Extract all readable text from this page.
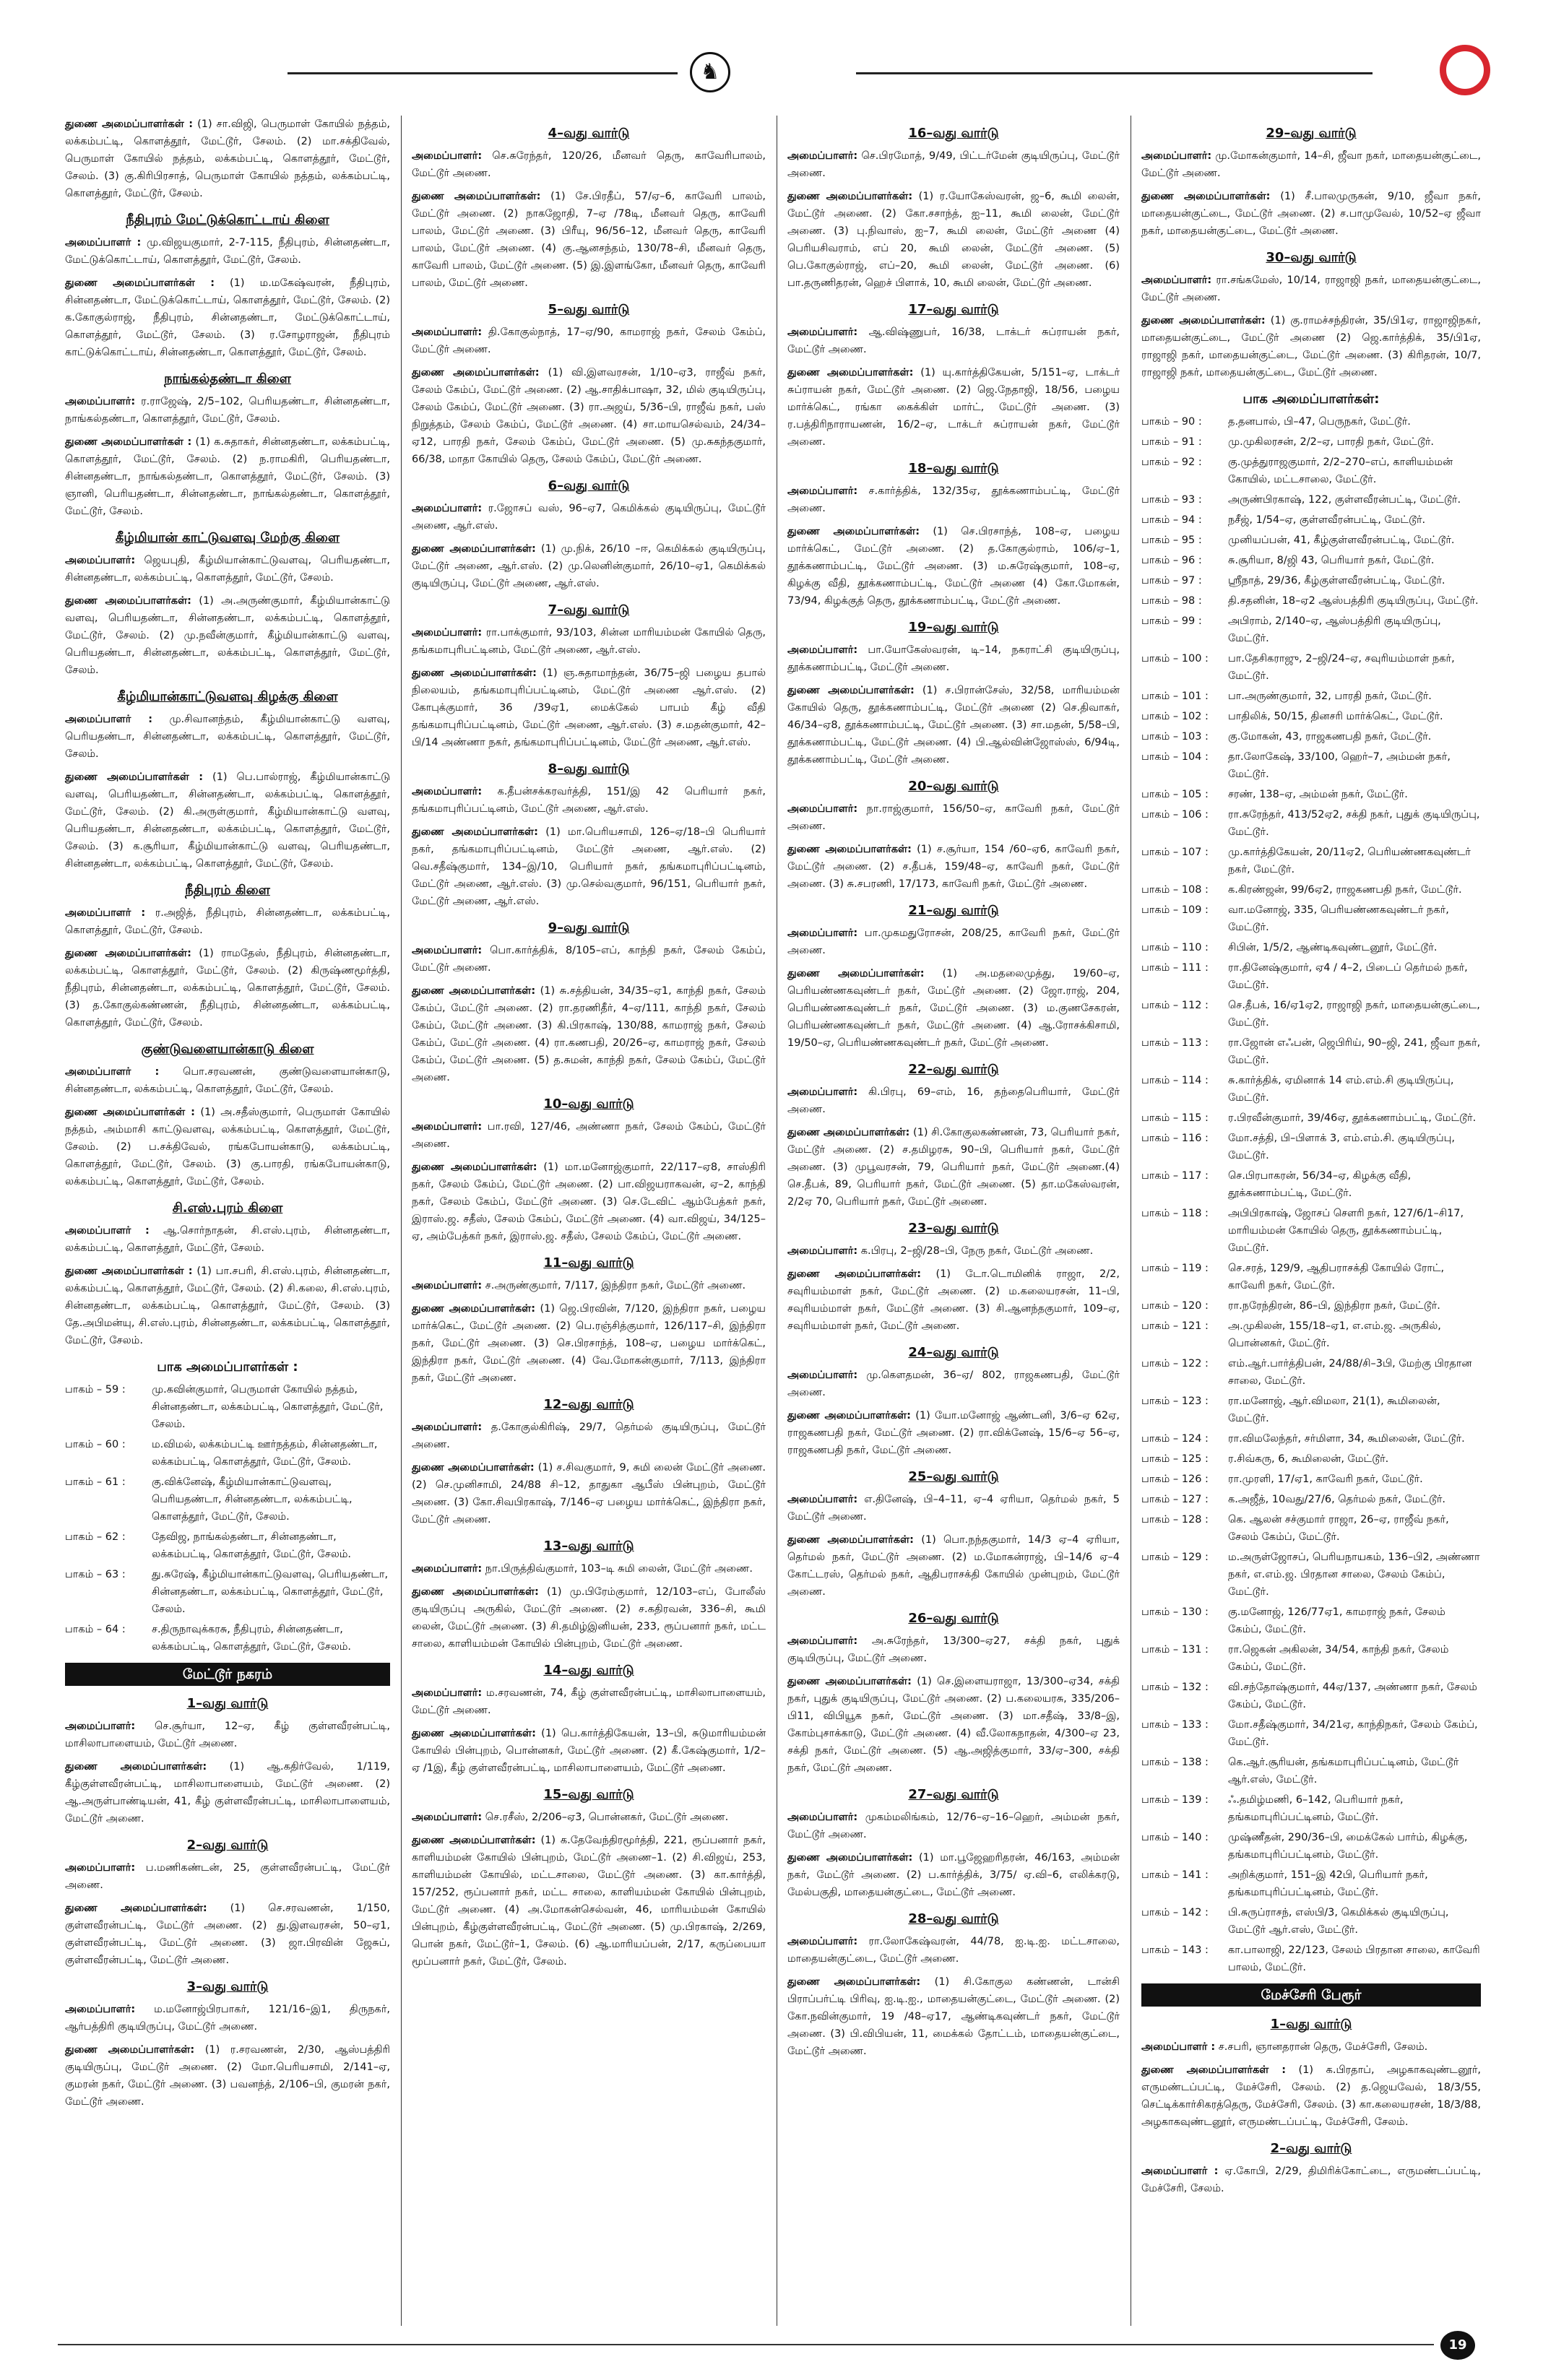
♞

துணை அமைப்பாளர்கள் : (1) சா.விஜி, பெருமாள் கோயில் நத்தம், லக்கம்பட்டி, கொளத்தூர், மேட்டூர், சேலம். (2) மா.சக்திவேல், பெருமாள் கோயில் நத்தம், லக்கம்பட்டி, கொளத்தூர், மேட்டூர், சேலம். (3) கு.கிரிபிரசாத், பெருமாள் கோயில் நத்தம், லக்கம்பட்டி, கொளத்தூர், மேட்டூர், சேலம்.

நீதிபுரம் மேட்டுக்கொட்டாய் கிளை

அமைப்பாளர் : மு.விஜயகுமார், 2-7-115, நீதிபுரம், சின்னதண்டா, மேட்டுக்கொட்டாய், கொளத்தூர், மேட்டூர், சேலம்.

துணை அமைப்பாளர்கள் : (1) ம.மகேஷ்வரன், நீதிபுரம், சின்னதண்டா, மேட்டுக்கொட்டாய், கொளத்தூர், மேட்டூர், சேலம். (2) க.கோகுல்ராஜ், நீதிபுரம், சின்னதண்டா, மேட்டுக்கொட்டாய், கொளத்தூர், மேட்டூர், சேலம். (3) ர.சோழராஜன், நீதிபுரம் காட்டுக்கொட்டாய், சின்னதண்டா, கொளத்தூர், மேட்டூர், சேலம்.

நாங்கல்தண்டா கிளை

அமைப்பாளர்: ர.ராஜேஷ், 2/5–102, பெரியதண்டா, சின்னதண்டா, நாங்கல்தண்டா, கொளத்தூர், மேட்டூர், சேலம்.

துணை அமைப்பாளர்கள் : (1) க.சுதாகர், சின்னதண்டா, லக்கம்பட்டி, கொளத்தூர், மேட்டூர், சேலம். (2) ந.ராமகிரி, பெரியதண்டா, சின்னதண்டா, நாங்கல்தண்டா, கொளத்தூர், மேட்டூர், சேலம். (3) ஞானி, பெரியதண்டா, சின்னதண்டா, நாங்கல்தண்டா, கொளத்தூர், மேட்டூர், சேலம்.

கீழ்மியான் காட்டுவளவு மேற்கு கிளை

அமைப்பாளர்: ஜெயபுதி, கீழ்மியான்காட்டுவளவு, பெரியதண்டா, சின்னதண்டா, லக்கம்பட்டி, கொளத்தூர், மேட்டூர், சேலம்.

துணை அமைப்பாளர்கள்: (1) அ.அருண்குமார், கீழ்மியான்காட்டு வளவு, பெரியதண்டா, சின்னதண்டா, லக்கம்பட்டி, கொளத்தூர், மேட்டூர், சேலம். (2) மு.நவீன்குமார், கீழ்மியான்காட்டு வளவு, பெரியதண்டா, சின்னதண்டா, லக்கம்பட்டி, கொளத்தூர், மேட்டூர், சேலம்.

கீழ்மியான்காட்டுவளவு கிழக்கு கிளை

அமைப்பாளர் : மு.சிவானந்தம், கீழ்மியான்காட்டு வளவு, பெரியதண்டா, சின்னதண்டா, லக்கம்பட்டி, கொளத்தூர், மேட்டூர், சேலம்.

துணை அமைப்பாளர்கள் : (1) பெ.பால்ராஜ், கீழ்மியான்காட்டு வளவு, பெரியதண்டா, சின்னதண்டா, லக்கம்பட்டி, கொளத்தூர், மேட்டூர், சேலம். (2) கி.அருள்குமார், கீழ்மியான்காட்டு வளவு, பெரியதண்டா, சின்னதண்டா, லக்கம்பட்டி, கொளத்தூர், மேட்டூர், சேலம். (3) க.சூரியா, கீழ்மியான்காட்டு வளவு, பெரியதண்டா, சின்னதண்டா, லக்கம்பட்டி, கொளத்தூர், மேட்டூர், சேலம்.

நீதிபுரம் கிளை

அமைப்பாளர் : ர.அஜித், நீதிபுரம், சின்னதண்டா, லக்கம்பட்டி, கொளத்தூர், மேட்டூர், சேலம்.

துணை அமைப்பாளர்கள்: (1) ராமதேஸ், நீதிபுரம், சின்னதண்டா, லக்கம்பட்டி, கொளத்தூர், மேட்டூர், சேலம். (2) கிருஷ்ணமூர்த்தி, நீதிபுரம், சின்னதண்டா, லக்கம்பட்டி, கொளத்தூர், மேட்டூர், சேலம். (3) த.கோகுல்கண்ணன், நீதிபுரம், சின்னதண்டா, லக்கம்பட்டி, கொளத்தூர், மேட்டூர், சேலம்.

குண்டுவளையான்காடு கிளை

அமைப்பாளர் : பொ.சரவணன், குண்டுவளையான்காடு, சின்னதண்டா, லக்கம்பட்டி, கொளத்தூர், மேட்டூர், சேலம்.

துணை அமைப்பாளர்கள் : (1) அ.சதீஸ்குமார், பெருமாள் கோயில் நத்தம், அம்மாசி காட்டுவளவு, லக்கம்பட்டி, கொளத்தூர், மேட்டூர், சேலம். (2) ப.சக்திவேல், ரங்கபோயன்காடு, லக்கம்பட்டி, கொளத்தூர், மேட்டூர், சேலம். (3) கு.பாரதி, ரங்கபோயன்காடு, லக்கம்பட்டி, கொளத்தூர், மேட்டூர், சேலம்.

சி.எஸ்.புரம் கிளை

அமைப்பாளர் : ஆ.சொர்நாதன், சி.எஸ்.புரம், சின்னதண்டா, லக்கம்பட்டி, கொளத்தூர், மேட்டூர், சேலம்.

துணை அமைப்பாளர்கள் : (1) பா.சபரி, சி.எஸ்.புரம், சின்னதண்டா, லக்கம்பட்டி, கொளத்தூர், மேட்டூர், சேலம். (2) சி.கலை, சி.எஸ்.புரம், சின்னதண்டா, லக்கம்பட்டி, கொளத்தூர், மேட்டூர், சேலம். (3) தே.அபிமன்யு, சி.எஸ்.புரம், சின்னதண்டா, லக்கம்பட்டி, கொளத்தூர், மேட்டூர், சேலம்.

பாக அமைப்பாளர்கள் :
பாகம் – 59 :	மு.கவின்குமார், பெருமாள் கோயில் நத்தம், சின்னதண்டா, லக்கம்பட்டி, கொளத்தூர், மேட்டூர், சேலம்.
பாகம் – 60 :	ம.விமல், லக்கம்பட்டி ஊர்நத்தம், சின்னதண்டா, லக்கம்பட்டி, கொளத்தூர், மேட்டூர், சேலம்.
பாகம் – 61 :	கு.விக்னேஷ், கீழ்மியான்காட்டுவளவு, பெரியதண்டா, சின்னதண்டா, லக்கம்பட்டி, கொளத்தூர், மேட்டூர், சேலம்.
பாகம் – 62 :	தேவிஜ, நாங்கல்தண்டா, சின்னதண்டா, லக்கம்பட்டி, கொளத்தூர், மேட்டூர், சேலம்.
பாகம் – 63 :	து.சுரேஷ், கீழ்மியான்காட்டுவளவு, பெரியதண்டா, சின்னதண்டா, லக்கம்பட்டி, கொளத்தூர், மேட்டூர், சேலம்.
பாகம் – 64 :	ச.திருநாவுக்கரசு, நீதிபுரம், சின்னதண்டா, லக்கம்பட்டி, கொளத்தூர், மேட்டூர், சேலம்.
மேட்டூர் நகரம்
1–வது வார்டு

அமைப்பாளர்: செ.சூர்யா, 12–ஏ, கீழ் குள்ளவீரன்பட்டி, மாசிலாபாளையம், மேட்டூர் அணை.

துணை அமைப்பாளர்கள்: (1) ஆ.கதிர்வேல், 1/119, கீழ்குள்ளவீரன்பட்டி, மாசிலாபாளையம், மேட்டூர் அணை. (2) ஆ.அருள்பாண்டியன், 41, கீழ் குள்ளவீரன்பட்டி, மாசிலாபாளையம், மேட்டூர் அணை.

2–வது வார்டு

அமைப்பாளர்: ப.மணிகண்டன், 25, குள்ளவீரன்பட்டி, மேட்டூர் அணை.

துணை அமைப்பாளர்கள்: (1) செ.சரவணன், 1/150, குள்ளவீரன்பட்டி, மேட்டூர் அணை. (2) து.இளவரசன், 50–ஏ1, குள்ளவீரன்பட்டி, மேட்டூர் அணை. (3) ஜா.பிரவின் ஜேசுப், குள்ளவீரன்பட்டி, மேட்டூர் அணை.

3–வது வார்டு

அமைப்பாளர்: ம.மனோஜ்பிரபாகர், 121/16–இ1, திருநகர், ஆர்பத்திரி குடியிருப்பு, மேட்டூர் அணை.

துணை அமைப்பாளர்கள்: (1) ர.சரவணன், 2/30, ஆஸ்பத்திரி குடியிருப்பு, மேட்டூர் அணை. (2) மோ.பெரியசாமி, 2/141–ஏ, குமரன் நகர், மேட்டூர் அணை. (3) பவனந்த், 2/106–பி, குமரன் நகர், மேட்டூர் அணை.

4–வது வார்டு

அமைப்பாளர்: செ.சுரேந்தர், 120/26, மீனவர் தெரு, காவேரிபாலம், மேட்டூர் அணை.

துணை அமைப்பாளர்கள்: (1) சே.பிரதீப், 57/ஏ–6, காவேரி பாலம், மேட்டூர் அணை. (2) நாகஜோதி, 7–ஏ /78டி, மீனவர் தெரு, காவேரி பாலம், மேட்டூர் அணை. (3) பிரீயு, 96/56–12, மீனவர் தெரு, காவேரி பாலம், மேட்டூர் அணை. (4) கு.ஆனசந்தம், 130/78–சி, மீனவர் தெரு, காவேரி பாலம், மேட்டூர் அணை. (5) இ.இளங்கோ, மீனவர் தெரு, காவேரி பாலம், மேட்டூர் அணை.

5–வது வார்டு

அமைப்பாளர்: தி.கோகுல்நாத், 17–ஏ/90, காமராஜ் நகர், சேலம் கேம்ப், மேட்டூர் அணை.

துணை அமைப்பாளர்கள்: (1) வி.இளவரசன், 1/10–ஏ3, ராஜீவ் நகர், சேலம் கேம்ப், மேட்டூர் அணை. (2) ஆ.சாதிக்பாஷா, 32, மில் குடியிருப்பு, சேலம் கேம்ப், மேட்டூர் அணை. (3) ரா.அஜய், 5/36–பி, ராஜீவ் நகர், பஸ் நிறுத்தம், சேலம் கேம்ப், மேட்டூர் அணை. (4) சா.மாயசெல்வம், 24/34–ஏ12, பாரதி நகர், சேலம் கேம்ப், மேட்டூர் அணை. (5) மு.சுகந்தகுமார், 66/38, மாதா கோயில் தெரு, சேலம் கேம்ப், மேட்டூர் அணை.

6–வது வார்டு

அமைப்பாளர்: ர.ஜோசப் வஸ், 96–ஏ7, கெமிக்கல் குடியிருப்பு, மேட்டூர் அணை, ஆர்.எஸ்.

துணை அமைப்பாளர்கள்: (1) மு.நிக், 26/10 –ஈ, கெமிக்கல் குடியிருப்பு, மேட்டூர் அணை, ஆர்.எஸ். (2) மு.லெனின்குமார், 26/10–ஏ1, கெமிக்கல் குடியிருப்பு, மேட்டூர் அணை, ஆர்.எஸ்.

7–வது வார்டு

அமைப்பாளர்: ரா.பாக்குமார், 93/103, சின்ன மாரியம்மன் கோயில் தெரு, தங்கமாபுரிபட்டினம், மேட்டூர் அணை, ஆர்.எஸ்.

துணை அமைப்பாளர்கள்: (1) ஞ.சுதாமாந்தன், 36/75–ஜி பழைய தபால் நிலையம், தங்கமாபுரிப்பட்டினம், மேட்டூர் அணை ஆர்.எஸ். (2) கோபுக்குமார், 36 /39ஏ1, மைக்கேல் பாபம் கீழ் வீதி தங்கமாபுரிப்பட்டினம், மேட்டூர் அணை, ஆர்.எஸ். (3) ச.மதன்குமார், 42–பி/14 அண்ணா நகர், தங்கமாபுரிப்பட்டினம், மேட்டூர் அணை, ஆர்.எஸ்.

8–வது வார்டு

அமைப்பாளர்: க.தீபன்சக்கரவர்த்தி, 151/இ 42 பெரியார் நகர், தங்கமாபுரிப்பட்டினம், மேட்டூர் அணை, ஆர்.எஸ்.

துணை அமைப்பாளர்கள்: (1) மா.பெரியசாமி, 126–ஏ/18–பி பெரியார் நகர், தங்கமாபுரிப்பட்டினம், மேட்டூர் அணை, ஆர்.எஸ். (2) வெ.சதீஷ்குமார், 134–இ/10, பெரியார் நகர், தங்கமாபுரிப்பட்டினம், மேட்டூர் அணை, ஆர்.எஸ். (3) மு.செல்வகுமார், 96/151, பெரியார் நகர், மேட்டூர் அணை, ஆர்.எஸ்.

9–வது வார்டு

அமைப்பாளர்: பொ.கார்த்திக், 8/105–எப், காந்தி நகர், சேலம் கேம்ப், மேட்டூர் அணை.

துணை அமைப்பாளர்கள்: (1) சு.சத்தியன், 34/35–ஏ1, காந்தி நகர், சேலம் கேம்ப், மேட்டூர் அணை. (2) ரா.தரணிதீர், 4–ஏ/111, காந்தி நகர், சேலம் கேம்ப், மேட்டூர் அணை. (3) கி.பிரகாஷ், 130/88, காமராஜ் நகர், சேலம் கேம்ப், மேட்டூர் அணை. (4) ரா.கணபதி, 20/26–ஏ, காமராஜ் நகர், சேலம் கேம்ப், மேட்டூர் அணை. (5) த.சுமன், காந்தி நகர், சேலம் கேம்ப், மேட்டூர் அணை.

10–வது வார்டு

அமைப்பாளர்: பா.ரவி, 127/46, அண்ணா நகர், சேலம் கேம்ப், மேட்டூர் அணை.

துணை அமைப்பாளர்கள்: (1) மா.மனோஜ்குமார், 22/117–ஏ8, சாஸ்திரி நகர், சேலம் கேம்ப், மேட்டூர் அணை. (2) பா.விஜயராகவன், ஏ–2, காந்தி நகர், சேலம் கேம்ப், மேட்டூர் அணை. (3) செ.டேவிட் ஆம்பேத்கர் நகர், இராஸ்.ஜ. சதீஸ், சேலம் கேம்ப், மேட்டூர் அணை. (4) வா.விஜய், 34/125–ஏ, அம்பேத்கர் நகர், இராஸ்.ஜ. சதீஸ், சேலம் கேம்ப், மேட்டூர் அணை.

11–வது வார்டு

அமைப்பாளர்: ச.அருண்குமார், 7/117, இந்திரா நகர், மேட்டூர் அணை.

துணை அமைப்பாளர்கள்: (1) ஜெ.பிரவின், 7/120, இந்திரா நகர், பழைய மார்க்கெட், மேட்டூர் அணை. (2) பெ.ரஞ்சித்குமார், 126/117–சி, இந்திரா நகர், மேட்டூர் அணை. (3) செ.பிரசாந்த், 108–ஏ, பழைய மார்க்கெட், இந்திரா நகர், மேட்டூர் அணை. (4) வே.மோகன்குமார், 7/113, இந்திரா நகர், மேட்டூர் அணை.

12–வது வார்டு

அமைப்பாளர்: த.கோகுல்கிரிஷ், 29/7, தெர்மல் குடியிருப்பு, மேட்டூர் அணை.

துணை அமைப்பாளர்கள்: (1) ச.சிவகுமார், 9, சுமி லைன் மேட்டூர் அணை. (2) செ.முனிசாமி, 24/88 சி–12, தாதுகா ஆபீஸ் பின்புறம், மேட்டூர் அணை. (3) கோ.சிவபிரகாஷ், 7/146–ஏ பழைய மார்க்கெட், இந்திரா நகர், மேட்டூர் அணை.

13–வது வார்டு

அமைப்பாளர்: நா.பிருத்திவ்குமார், 103–டி சுமி லைன், மேட்டூர் அணை.

துணை அமைப்பாளர்கள்: (1) மு.பிரேம்குமார், 12/103–எப், போலீஸ் குடியிருப்பு அருகில், மேட்டூர் அணை. (2) ச.கதிரவன், 336–சி, கூமி லைன், மேட்டூர் அணை. (3) சி.தமிழ்இனியன், 233, ரூப்பனார் நகர், மட்ட சாலை, காளியம்மன் கோயில் பின்புறம், மேட்டூர் அணை.

14–வது வார்டு

அமைப்பாளர்: ம.சரவணன், 74, கீழ் குள்ளவீரன்பட்டி, மாசிலாபாளையம், மேட்டூர் அணை.

துணை அமைப்பாளர்கள்: (1) பெ.கார்த்திகேயன், 13–பி, சுடுமாரியம்மன் கோயில் பின்புறம், பொன்னகர், மேட்டூர் அணை. (2) கீ.கேஷ்குமார், 1/2–ஏ /1இ, கீழ் குள்ளவீரன்பட்டி, மாசிலாபாளையம், மேட்டூர் அணை.

15–வது வார்டு

அமைப்பாளர்: செ.ரசீஸ், 2/206–ஏ3, பொன்னகர், மேட்டூர் அணை.

துணை அமைப்பாளர்கள்: (1) க.தேவேந்திரமூர்த்தி, 221, ரூப்பனார் நகர், காளியம்மன் கோயில் பின்புறம், மேட்டூர் அணை–1. (2) சி.விஜய், 253, காளியம்மன் கோயில், மட்டசாலை, மேட்டூர் அணை. (3) கா.கார்த்தி, 157/252, ரூப்பனார் நகர், மட்ட சாலை, காளியம்மன் கோயில் பின்புறம், மேட்டூர் அணை. (4) அ.மோகன்செல்வன், 46, மாரியம்மன் கோயில் பின்புறம், கீழ்குள்ளவீரன்பட்டி, மேட்டூர் அணை. (5) மு.பிரகாஷ், 2/269, பொன் நகர், மேட்டூர்–1, சேலம். (6) ஆ.மாரியப்பன், 2/17, கருப்பையா மூப்பனார் நகர், மேட்டூர், சேலம்.

16–வது வார்டு

அமைப்பாளர்: செ.பிரமோத், 9/49, பிட்டர்மேன் குடியிருப்பு, மேட்டூர் அணை.

துணை அமைப்பாளர்கள்: (1) ர.யோகேஸ்வரன், ஜ–6, கூமி லைன், மேட்டூர் அணை. (2) கோ.சசாந்த், ஐ–11, கூமி லைன், மேட்டூர் அணை. (3) பு.நிவாஸ், ஐ–7, கூமி லைன், மேட்டூர் அணை (4) பெரியசிவராம், எப் 20, கூமி லைன், மேட்டூர் அணை. (5) பெ.கோகுல்ராஜ், எப்–20, கூமி லைன், மேட்டூர் அணை. (6) பா.தருணிதரன், ஹெச் பிளாக், 10, கூமி லைன், மேட்டூர் அணை.

17–வது வார்டு

அமைப்பாளர்: ஆ.விஷ்ணுபர், 16/38, டாக்டர் சுப்ராயன் நகர், மேட்டூர் அணை.

துணை அமைப்பாளர்கள்: (1) யு.கார்த்திகேயன், 5/151–ஏ, டாக்டர் சுப்ராயன் நகர், மேட்டூர் அணை. (2) ஜெ.நேதாஜி, 18/56, பழைய மார்க்கெட், ரங்கா கைக்கிள் மார்ட், மேட்டூர் அணை. (3) ர.பத்திரிநாராயணன், 16/2–ஏ, டாக்டர் சுப்ராயன் நகர், மேட்டூர் அணை.

18–வது வார்டு

அமைப்பாளர்: ச.கார்த்திக், 132/35ஏ, தூக்கணாம்பட்டி, மேட்டூர் அணை.

துணை அமைப்பாளர்கள்: (1) செ.பிரசாந்த், 108–ஏ, பழைய மார்க்கெட், மேட்டூர் அணை. (2) த.கோகுல்ராம், 106/ஏ–1, தூக்கணாம்பட்டி, மேட்டூர் அணை. (3) ம.சுரேஷ்குமார், 108–ஏ, கிழக்கு வீதி, தூக்கணாம்பட்டி, மேட்டூர் அணை (4) கோ.மோகன், 73/94, கிழக்குத் தெரு, தூக்கணாம்பட்டி, மேட்டூர் அணை.

19–வது வார்டு

அமைப்பாளர்: பா.யோகேஸ்வரன், டி–14, நகராட்சி குடியிருப்பு, தூக்கணாம்பட்டி, மேட்டூர் அணை.

துணை அமைப்பாளர்கள்: (1) ச.பிரான்சேஸ், 32/58, மாரியம்மன் கோயில் தெரு, தூக்கணாம்பட்டி, மேட்டூர் அணை (2) செ.திவாகர், 46/34–ஏ8, தூக்கணாம்பட்டி, மேட்டூர் அணை. (3) சா.மதன், 5/58–பி, தூக்கணாம்பட்டி, மேட்டூர் அணை. (4) பி.ஆல்வின்ஜோஸ்ஸ், 6/94டி, தூக்கணாம்பட்டி, மேட்டூர் அணை.

20–வது வார்டு

அமைப்பாளர்: நா.ராஜ்குமார், 156/50–ஏ, காவேரி நகர், மேட்டூர் அணை.

துணை அமைப்பாளர்கள்: (1) ச.சூர்யா, 154 /60–ஏ6, காவேரி நகர், மேட்டூர் அணை. (2) ச.தீபக், 159/48–ஏ, காவேரி நகர், மேட்டூர் அணை. (3) சு.சபரணி, 17/173, காவேரி நகர், மேட்டூர் அணை.

21–வது வார்டு

அமைப்பாளர்: பா.முகமதுரோசன், 208/25, காவேரி நகர், மேட்டூர் அணை.

துணை அமைப்பாளர்கள்: (1) அ.மதலைமுத்து, 19/60–ஏ, பெரியண்ணகவுண்டர் நகர், மேட்டூர் அணை. (2) ஜோ.ராஜ், 204, பெரியண்ணகவுண்டர் நகர், மேட்டூர் அணை. (3) ம.குணசேகரன், பெரியண்ணகவுண்டர் நகர், மேட்டூர் அணை. (4) ஆ.ரோசக்கிசாமி, 19/50–ஏ, பெரியண்ணகவுண்டர் நகர், மேட்டூர் அணை.

22–வது வார்டு

அமைப்பாளர்: கி.பிரபு, 69–எம், 16, தந்தைபெரியார், மேட்டூர் அணை.

துணை அமைப்பாளர்கள்: (1) சி.கோகுலகண்ணன், 73, பெரியார் நகர், மேட்டூர் அணை. (2) ச.தமிழரசு, 90–பி, பெரியார் நகர், மேட்டூர் அணை. (3) முபூவரசன், 79, பெரியார் நகர், மேட்டூர் அணை.(4) செ.தீபக், 89, பெரியார் நகர், மேட்டூர் அணை. (5) தா.மகேஸ்வரன், 2/2ஏ 70, பெரியார் நகர், மேட்டூர் அணை.

23–வது வார்டு

அமைப்பாளர்: க.பிரபு, 2–ஜி/28–பி, நேரு நகர், மேட்டூர் அணை.

துணை அமைப்பாளர்கள்: (1) டோ.டொமினிக் ராஜா, 2/2, சவுரியம்மாள் நகர், மேட்டூர் அணை. (2) ம.கலையரசன், 11–பி, சவுரியம்மாள் நகர், மேட்டூர் அணை. (3) சி.ஆனந்தகுமார், 109–ஏ, சவுரியம்மாள் நகர், மேட்டூர் அணை.

24–வது வார்டு

அமைப்பாளர்: மு.கௌதமன், 36–ஏ/ 802, ராஜகணபதி, மேட்டூர் அணை.

துணை அமைப்பாளர்கள்: (1) யோ.மனோஜ் ஆண்டனி, 3/6–ஏ 62ஏ, ராஜகணபதி நகர், மேட்டூர் அணை. (2) ரா.விக்னேஷ், 15/6–ஏ 56–ஏ, ராஜகணபதி நகர், மேட்டூர் அணை.

25–வது வார்டு

அமைப்பாளர்: எ.தினேஷ், பி–4–11, ஏ–4 ஏரியா, தெர்மல் நகர், 5 மேட்டூர் அணை.

துணை அமைப்பாளர்கள்: (1) பொ.நந்தகுமார், 14/3 ஏ–4 ஏரியா, தெர்மல் நகர், மேட்டூர் அணை. (2) ம.மோகன்ராஜ், பி–14/6 ஏ–4 கோட்டரஸ், தெர்மல் நகர், ஆதிபராசக்தி கோயில் முன்புறம், மேட்டூர் அணை.

26–வது வார்டு

அமைப்பாளர்: அ.சுரேந்தர், 13/300–ஏ27, சக்தி நகர், புதுக் குடியிருப்பு, மேட்டூர் அணை.

துணை அமைப்பாளர்கள்: (1) செ.இளையராஜா, 13/300–ஏ34, சக்தி நகர், புதுக் குடியிருப்பு, மேட்டூர் அணை. (2) ப.கலையரசு, 335/206–பி11, விபியூக நகர், மேட்டூர் அணை. (3) மா.சதீஷ், 33/8–இ, கோம்புசாக்காடு, மேட்டூர் அணை. (4) வீ.லோகநாதன், 4/300–ஏ 23, சக்தி நகர், மேட்டூர் அணை. (5) ஆ.அஜித்குமார், 33/ஏ–300, சக்தி நகர், மேட்டூர் அணை.

27–வது வார்டு

அமைப்பாளர்: முகம்மலிங்கம், 12/76–ஏ–16–ஹெர், அம்மன் நகர், மேட்டூர் அணை.

துணை அமைப்பாளர்கள்: (1) மா.பூஜேஹரிதரன், 46/163, அம்மன் நகர், மேட்டூர் அணை. (2) ப.கார்த்திக், 3/75/ ஏ.வி–6, எலிக்கரடு, மேல்பகுதி, மாதையன்குட்டை, மேட்டூர் அணை.

28–வது வார்டு

அமைப்பாளர்: ரா.லோகேஷ்வரன், 44/78, ஐ.டி.ஐ. மட்டசாலை, மாதையன்குட்டை, மேட்டூர் அணை.

துணை அமைப்பாளர்கள்: (1) சி.கோகுல கண்ணன், டான்சி பிராப்பர்ட்டி பிரிவு, ஐ.டி.ஐ., மாதையன்குட்டை, மேட்டூர் அணை. (2) கோ.நவின்குமார், 19 /48–ஏ17, ஆண்டிகவுண்டர் நகர், மேட்டூர் அணை. (3) பி.விபியன், 11, மைக்கல் தோட்டம், மாதையன்குட்டை, மேட்டூர் அணை.

29–வது வார்டு

அமைப்பாளர்: மு.மோகன்குமார், 14–சி, ஜீவா நகர், மாதையன்குட்டை, மேட்டூர் அணை.

துணை அமைப்பாளர்கள்: (1) சீ.பாலமுருகன், 9/10, ஜீவா நகர், மாதையன்குட்டை, மேட்டூர் அணை. (2) ச.பாமுவேல், 10/52–ஏ ஜீவா நகர், மாதையன்குட்டை, மேட்டூர் அணை.

30–வது வார்டு

அமைப்பாளர்: ரா.சங்கமேஸ், 10/14, ராஜாஜி நகர், மாதையன்குட்டை, மேட்டூர் அணை.

துணை அமைப்பாளர்கள்: (1) கு.ராமச்சந்திரன், 35/பி1ஏ, ராஜாஜிநகர், மாதையன்குட்டை, மேட்டூர் அணை (2) ஜெ.கார்த்திக், 35/பி1ஏ, ராஜாஜி நகர், மாதையன்குட்டை, மேட்டூர் அணை. (3) கிரிதரன், 10/7, ராஜாஜி நகர், மாதையன்குட்டை, மேட்டூர் அணை.

பாக அமைப்பாளர்கள்:
பாகம் – 90 :	த.தனபால், பி–47, பெருநகர், மேட்டூர்.
பாகம் – 91 :	மு.முகிலரசன், 2/2–ஏ, பாரதி நகர், மேட்டூர்.
பாகம் – 92 :	கு.முத்துராஜகுமார், 2/2–270–எப், காளியம்மன் கோயில், மட்டசாலை, மேட்டூர்.
பாகம் – 93 :	அருண்பிரகாஷ், 122, குள்ளவீரன்பட்டி, மேட்டூர்.
பாகம் – 94 :	நசீஜ், 1/54–ஏ, குள்ளவீரன்பட்டி, மேட்டூர்.
பாகம் – 95 :	முனியப்பன், 41, கீழ்குள்ளவீரன்பட்டி, மேட்டூர்.
பாகம் – 96 :	சு.சூரியா, 8/ஜி 43, பெரியார் நகர், மேட்டூர்.
பாகம் – 97 :	ஸ்ரீநாத், 29/36, கீழ்குள்ளவீரன்பட்டி, மேட்டூர்.
பாகம் – 98 :	தி.சதனின், 18–ஏ2 ஆஸ்பத்திரி குடியிருப்பு, மேட்டூர்.
பாகம் – 99 :	அபிராம், 2/140–ஏ, ஆஸ்பத்திரி குடியிருப்பு, மேட்டூர்.
பாகம் – 100 :	பா.தேசிகராஜு, 2–ஜி/24–ஏ, சவுரியம்மாள் நகர், மேட்டூர்.
பாகம் – 101 :	பா.அருண்குமார், 32, பாரதி நகர், மேட்டூர்.
பாகம் – 102 :	பாதிலிக், 50/15, தினசரி மார்க்கெட், மேட்டூர்.
பாகம் – 103 :	கு.மோகன், 43, ராஜகணபதி நகர், மேட்டூர்.
பாகம் – 104 :	தா.லோகேஷ், 33/100, ஹெர்–7, அம்மன் நகர், மேட்டூர்.
பாகம் – 105 :	சரண், 138–ஏ, அம்மன் நகர், மேட்டூர்.
பாகம் – 106 :	ரா.சுரேந்தர், 413/52ஏ2, சக்தி நகர், புதுக் குடியிருப்பு, மேட்டூர்.
பாகம் – 107 :	மு.கார்த்திகேயன், 20/11ஏ2, பெரியண்ணகவுண்டர் நகர், மேட்டூர்.
பாகம் – 108 :	க.கிரண்ஜன், 99/6ஏ2, ராஜகணபதி நகர், மேட்டூர்.
பாகம் – 109 :	வா.மனோஜ், 335, பெரியண்ணகவுண்டர் நகர், மேட்டூர்.
பாகம் – 110 :	சிபின், 1/5/2, ஆண்டிகவுண்டனூர், மேட்டூர்.
பாகம் – 111 :	ரா.தினேஷ்குமார், ஏ4 / 4–2, பிடைப் தெர்மல் நகர், மேட்டூர்.
பாகம் – 112 :	செ.தீபக், 16/ஏ1ஏ2, ராஜாஜி நகர், மாதையன்குட்டை, மேட்டூர்.
பாகம் – 113 :	ரா.ஜோன் எஃபன், ஜெபிரிய், 90–ஜி, 241, ஜீவா நகர், மேட்டூர்.
பாகம் – 114 :	சு.கார்த்திக், ஏமினாக் 14 எம்.எம்.சி குடியிருப்பு, மேட்டூர்.
பாகம் – 115 :	ர.பிரவீன்குமார், 39/46ஏ, தூக்கணாம்பட்டி, மேட்டூர்.
பாகம் – 116 :	மோ.சத்தி, பி–பிளாக் 3, எம்.எம்.சி. குடியிருப்பு, மேட்டூர்.
பாகம் – 117 :	செ.பிரபாகரன், 56/34–ஏ, கிழக்கு வீதி, தூக்கணாம்பட்டி, மேட்டூர்.
பாகம் – 118 :	அபிபிரகாஷ், ஜோசப் சௌரி நகர், 127/6/1–சி17, மாரியம்மன் கோயில் தெரு, தூக்கணாம்பட்டி, மேட்டூர்.
பாகம் – 119 :	செ.சரத், 129/9, ஆதிபராசக்தி கோயில் ரோட், காவேரி நகர், மேட்டூர்.
பாகம் – 120 :	ரா.நரேந்திரன், 86–பி, இந்திரா நகர், மேட்டூர்.
பாகம் – 121 :	அ.முகிலன், 155/18–ஏ1, எ.எம்.ஜ. அருகில், பொன்னகர், மேட்டூர்.
பாகம் – 122 :	எம்.ஆர்.பார்த்திபன், 24/88/சி–3பி, மேற்கு பிரதான சாலை, மேட்டூர்.
பாகம் – 123 :	ரா.மனோஜ், ஆர்.விமலா, 21(1), கூமிலைன், மேட்டூர்.
பாகம் – 124 :	ரா.விமலேந்தர், சர்மிளா, 34, கூமிலைன், மேட்டூர்.
பாகம் – 125 :	ர.சிவ்கரு, 6, கூமிலைன், மேட்டூர்.
பாகம் – 126 :	ரா.முரளி, 17/ஏ1, காவேரி நகர், மேட்டூர்.
பாகம் – 127 :	க.அஜீத், 10வது/27/6, தெர்மல் நகர், மேட்டூர்.
பாகம் – 128 :	கெ. ஆலன் சச்குமார் ராஜா, 26–ஏ, ராஜீவ் நகர், சேலம் கேம்ப், மேட்டூர்.
பாகம் – 129 :	ம.அருள்ஜோசப், பெரியநாயகம், 136–பி2, அண்ணா நகர், எ.எம்.ஜ. பிரதான சாலை, சேலம் கேம்ப், மேட்டூர்.
பாகம் – 130 :	கு.மனோஜ், 126/77ஏ1, காமராஜ் நகர், சேலம் கேம்ப், மேட்டூர்.
பாகம் – 131 :	ரா.ஜெகன் அகிலன், 34/54, காந்தி நகர், சேலம் கேம்ப், மேட்டூர்.
பாகம் – 132 :	வி.சந்தோஷ்குமார், 44ஏ/137, அண்ணா நகர், சேலம் கேம்ப், மேட்டூர்.
பாகம் – 133 :	மோ.சதீஷ்குமார், 34/21ஏ, காந்திநகர், சேலம் கேம்ப், மேட்டூர்.
பாகம் – 138 :	கெ.ஆர்.சூரியன், தங்கமாபுரிப்பட்டினம், மேட்டூர் ஆர்.எஸ், மேட்டூர்.
பாகம் – 139 :	ஃ.தமிழ்மணி, 6–142, பெரியார் நகர், தங்கமாபுரிப்பட்டினம், மேட்டூர்.
பாகம் – 140 :	முஷ்ணீதன், 290/36–பி, மைக்கேல் பார்ம், கிழக்கு, தங்கமாபுரிப்பட்டினம், மேட்டூர்.
பாகம் – 141 :	அறிக்குமார், 151–இ 42பி, பெரியார் நகர், தங்கமாபுரிப்பட்டினம், மேட்டூர்.
பாகம் – 142 :	பி.சுருப்ராசந், எஸ்பி/3, கெமிக்கல் குடியிருப்பு, மேட்டூர் ஆர்.எஸ், மேட்டூர்.
பாகம் – 143 :	கா.பாலாஜி, 22/123, சேலம் பிரதான சாலை, காவேரி பாலம், மேட்டூர்.
மேச்சேரி பேரூர்
1–வது வார்டு

அமைப்பாளர் : ச.சபரி, ஞானதரான் தெரு, மேச்சேரி, சேலம்.

துணை அமைப்பாளர்கள் : (1) க.பிரதாப், அழகாகவுண்டனூர், எருமண்டப்பட்டி, மேச்சேரி, சேலம். (2) த.ஜெயவேல், 18/3/55, செட்டிக்கார்சிகரத்தெரு, மேச்சேரி, சேலம். (3) கா.கலையரசன், 18/3/88, அழகாகவுண்டனூர், எருமண்டப்பட்டி, மேச்சேரி, சேலம்.

2–வது வார்டு

அமைப்பாளர் : ஏ.கோபி, 2/29, திமிரிக்கோட்டை, எருமண்டப்பட்டி, மேச்சேரி, சேலம்.

19
